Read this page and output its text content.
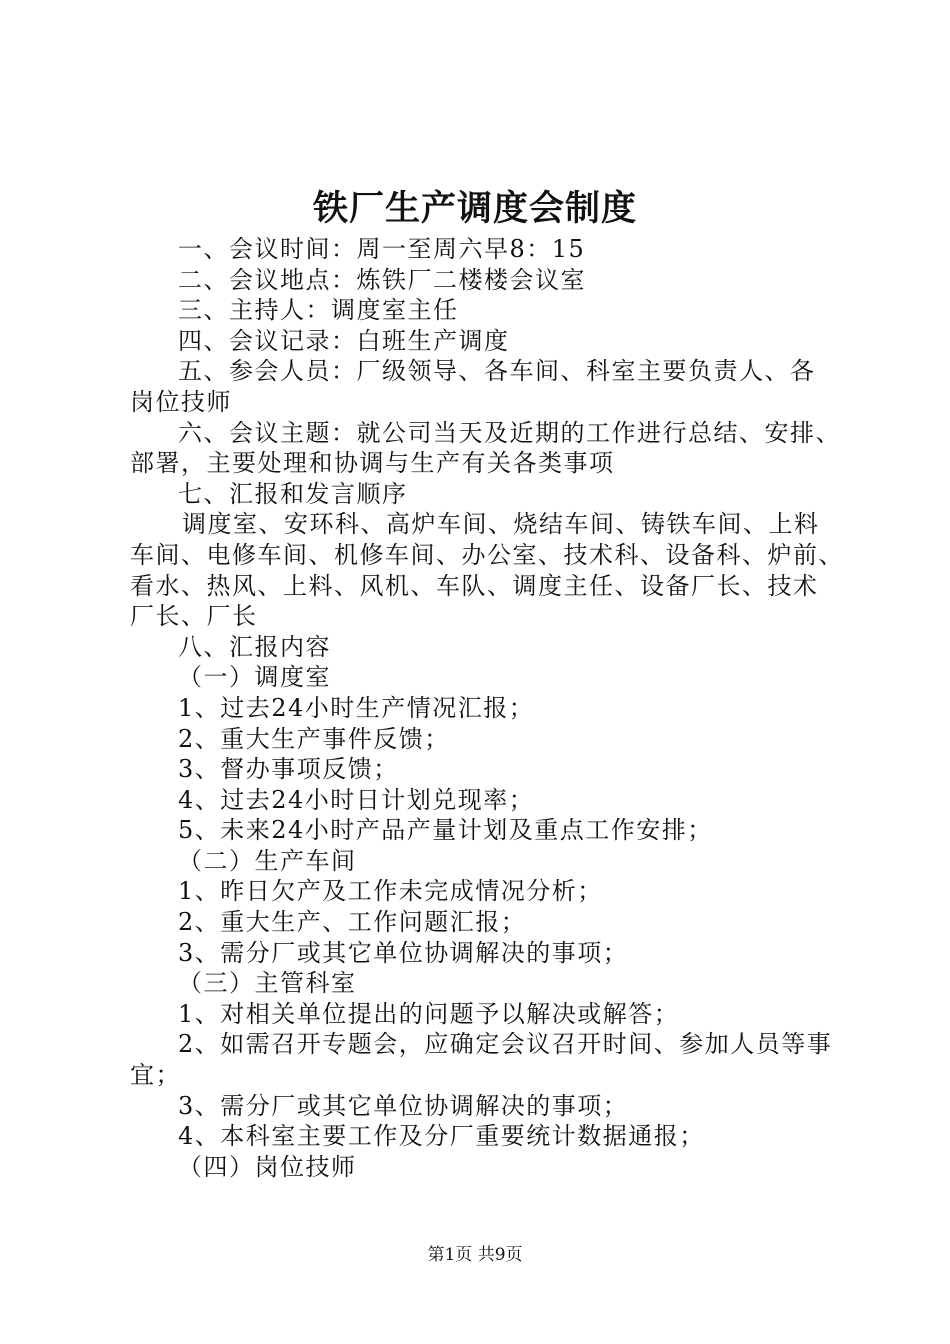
铁厂生产调度会制度
一、会议时间：周一至周六早8：15
二、会议地点：炼铁厂二楼楼会议室
三、主持人：调度室主任
四、会议记录：白班生产调度
五、参会人员：厂级领导、各车间、科室主要负责人、各
岗位技师
六、会议主题：就公司当天及近期的工作进行总结、安排、
部署，主要处理和协调与生产有关各类事项
七、汇报和发言顺序
调度室、安环科、高炉车间、烧结车间、铸铁车间、上料
车间、电修车间、机修车间、办公室、技术科、设备科、炉前、
看水、热风、上料、风机、车队、调度主任、设备厂长、技术
厂长、厂长
八、汇报内容
（一）调度室
1、过去24小时生产情况汇报；
2、重大生产事件反馈；
3、督办事项反馈；
4、过去24小时日计划兑现率；
5、未来24小时产品产量计划及重点工作安排；
（二）生产车间
1、昨日欠产及工作未完成情况分析；
2、重大生产、工作问题汇报；
3、需分厂或其它单位协调解决的事项；
（三）主管科室
1、对相关单位提出的问题予以解决或解答；
2、如需召开专题会，应确定会议召开时间、参加人员等事
宜；
3、需分厂或其它单位协调解决的事项；
4、本科室主要工作及分厂重要统计数据通报；
（四）岗位技师
第1页 共9页
